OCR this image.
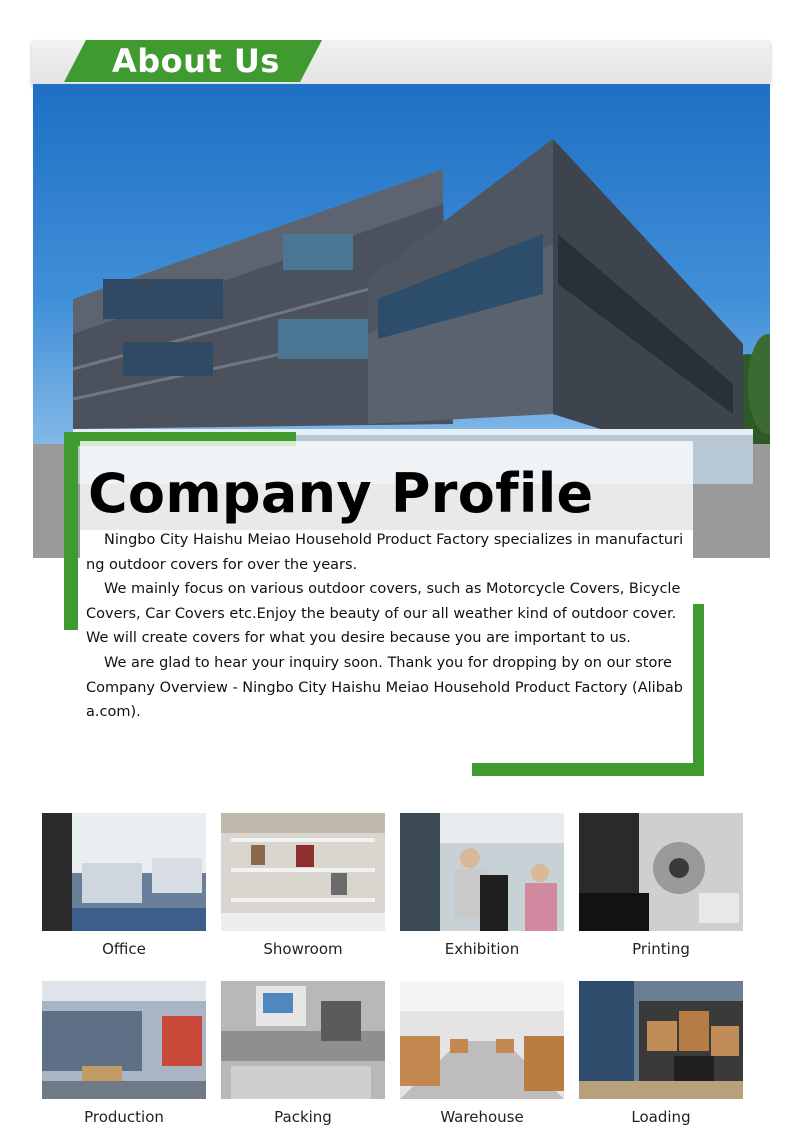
About Us
Company Profile

Ningbo City Haishu Meiao Household Product Factory specializes in manufacturing outdoor covers for over the years.

We mainly focus on various outdoor covers, such as Motorcycle Covers, Bicycle Covers, Car Covers etc.Enjoy the beauty of our all weather kind of outdoor cover. We will create covers for what you desire because you are important to us.

We are glad to hear your inquiry soon. Thank you for dropping by on our store Company Overview - Ningbo City Haishu Meiao Household Product Factory (Alibaba.com).

Office	Showroom	Exhibition	Printing
Production	Packing	Warehouse	Loading
